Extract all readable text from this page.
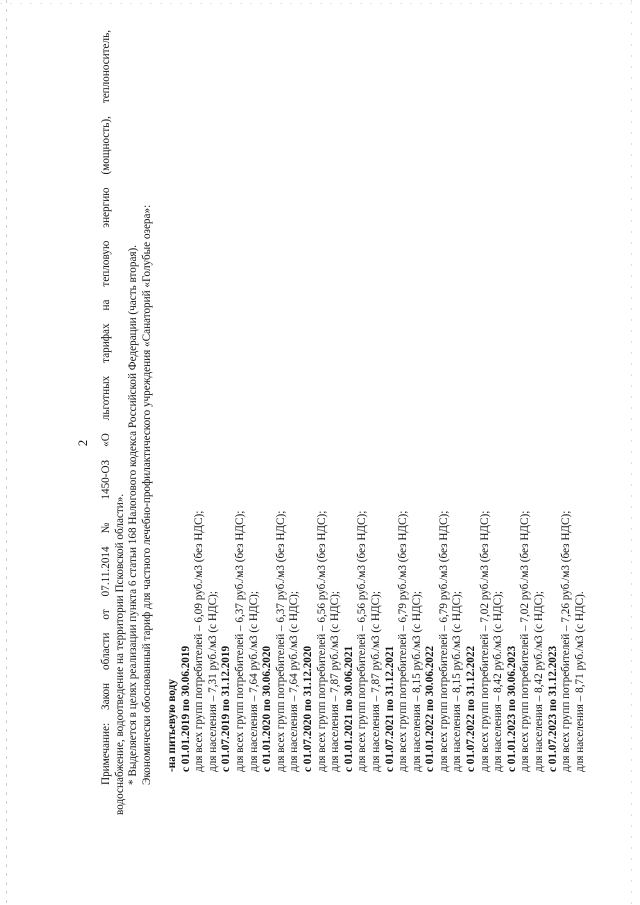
2 Примечание: Закон области от 07.11.2014 № 1450-ОЗ «О льготных тарифах на тепловую энергию (мощность), теплоноситель, водоснабжение, водоотведение на территории Псковской области». * Выделяется в целях реализации пункта 6 статьи 168 Налогового кодекса Российской Федерации (часть вторая). Экономически обоснованный тариф для частного лечебно-профилактического учреждения «Санаторий «Голубые озера»: -на питьевую воду с 01.01.2019 по 30.06.2019 для всех групп потребителей – 6,09 руб./м3 (без НДС); для населения – 7,31 руб./м3 (с НДС); с 01.07.2019 по 31.12.2019 для всех групп потребителей – 6,37 руб./м3 (без НДС); для населения – 7,64 руб./м3 (с НДС); с 01.01.2020 по 30.06.2020 для всех групп потребителей – 6,37 руб./м3 (без НДС); для населения – 7,64 руб./м3 (с НДС); с 01.07.2020 по 31.12.2020 для всех групп потребителей – 6,56 руб./м3 (без НДС); для населения – 7,87 руб./м3 (с НДС); с 01.01.2021 по 30.06.2021 для всех групп потребителей – 6,56 руб./м3 (без НДС); для населения – 7,87 руб./м3 (с НДС); с 01.07.2021 по 31.12.2021 для всех групп потребителей – 6,79 руб./м3 (без НДС); для населения – 8,15 руб./м3 (с НДС); с 01.01.2022 по 30.06.2022 для всех групп потребителей – 6,79 руб./м3 (без НДС); для населения – 8,15 руб./м3 (с НДС); с 01.07.2022 по 31.12.2022 для всех групп потребителей – 7,02 руб./м3 (без НДС); для населения – 8,42 руб./м3 (с НДС); с 01.01.2023 по 30.06.2023 для всех групп потребителей – 7,02 руб./м3 (без НДС); для населения – 8,42 руб./м3 (с НДС); с 01.07.2023 по 31.12.2023 для всех групп потребителей – 7,26 руб./м3 (без НДС); для населения – 8,71 руб./м3 (с НДС).
